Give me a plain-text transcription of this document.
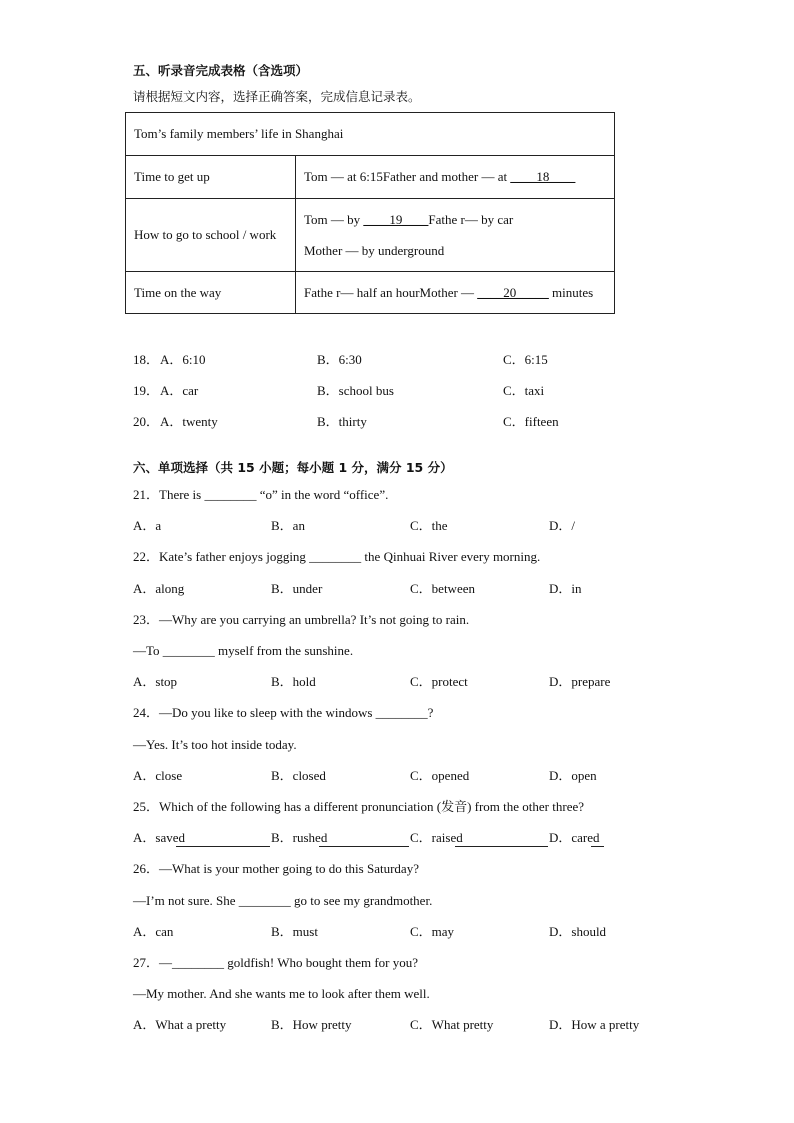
五、听录音完成表格（含选项）
请根据短文内容，选择正确答案，完成信息记录表。
Tom’s family members’ life in Shanghai	
Time to get up	Tom — at 6:15Father and mother — at ____18____
How to go to school / work	Tom — by ____19____Fathe r— by car
Mother — by underground

Time on the way	Fathe r— half an hourMother — ____20_____ minutes
18． A．6:10	B．6:30	C．6:15
19． A．car	B．school bus	C．taxi
20． A．twenty	B．thirty	C．fifteen
六、单项选择（共 15 小题；每小题 1 分，满分 15 分）
21．There is ________ “o” in the word “office”.
A．a	B．an	C．the	D．/
22．Kate’s father enjoys jogging ________ the Qinhuai River every morning.
A．along	B．under	C．between	D．in
23．—Why are you carrying an umbrella? It’s not going to rain.
—To ________ myself from the sunshine.
A．stop	B．hold	C．protect	D．prepare
24．—Do you like to sleep with the windows ________?
—Yes. It’s too hot inside today.
A．close	B．closed	C．opened	D．open
25．Which of the following has a different pronunciation (发音) from the other three?
A．saved	B．rushed	C．raised	D．cared
26．—What is your mother going to do this Saturday?
—I’m not sure. She ________ go to see my grandmother.
A．can	B．must	C．may	D．should
27．—________ goldfish! Who bought them for you?
—My mother. And she wants me to look after them well.
A．What a pretty	B．How pretty	C．What pretty	D．How a pretty
